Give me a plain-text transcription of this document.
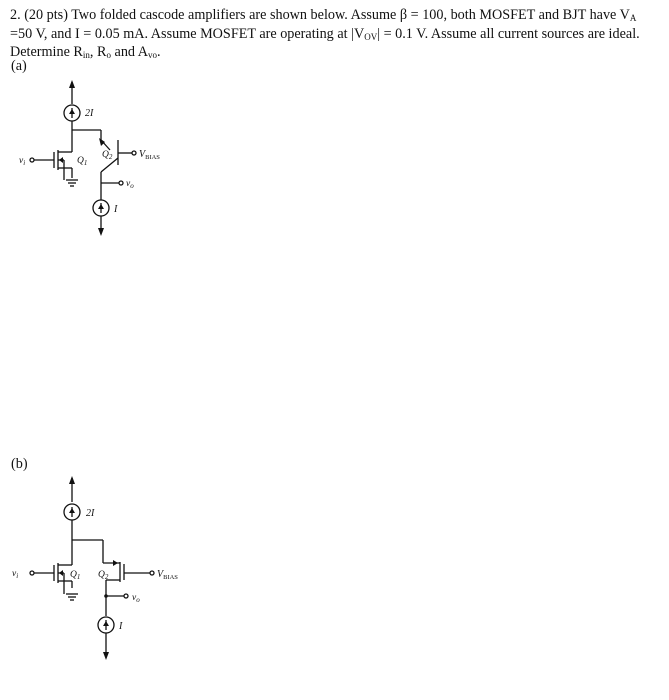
2. (20 pts) Two folded cascode amplifiers are shown below. Assume β = 100, both MOSFET and BJT have $V_A =50$ V, and I = 0.05 mA. Assume MOSFET are operating at $|V_{OV}| = 0.1$ V. Assume all current sources are ideal. Determine $R_{in}$, $R_o$ and $A_{vo}$.
(a)
(b)
2I
I
$Q_2$
$Q_1$
$V_{BIAS}$
$v_i$
$v_o$
2I
I
$Q_1$ $Q_2$	$V_{BIAS}$
$v_i$
$v_o$
